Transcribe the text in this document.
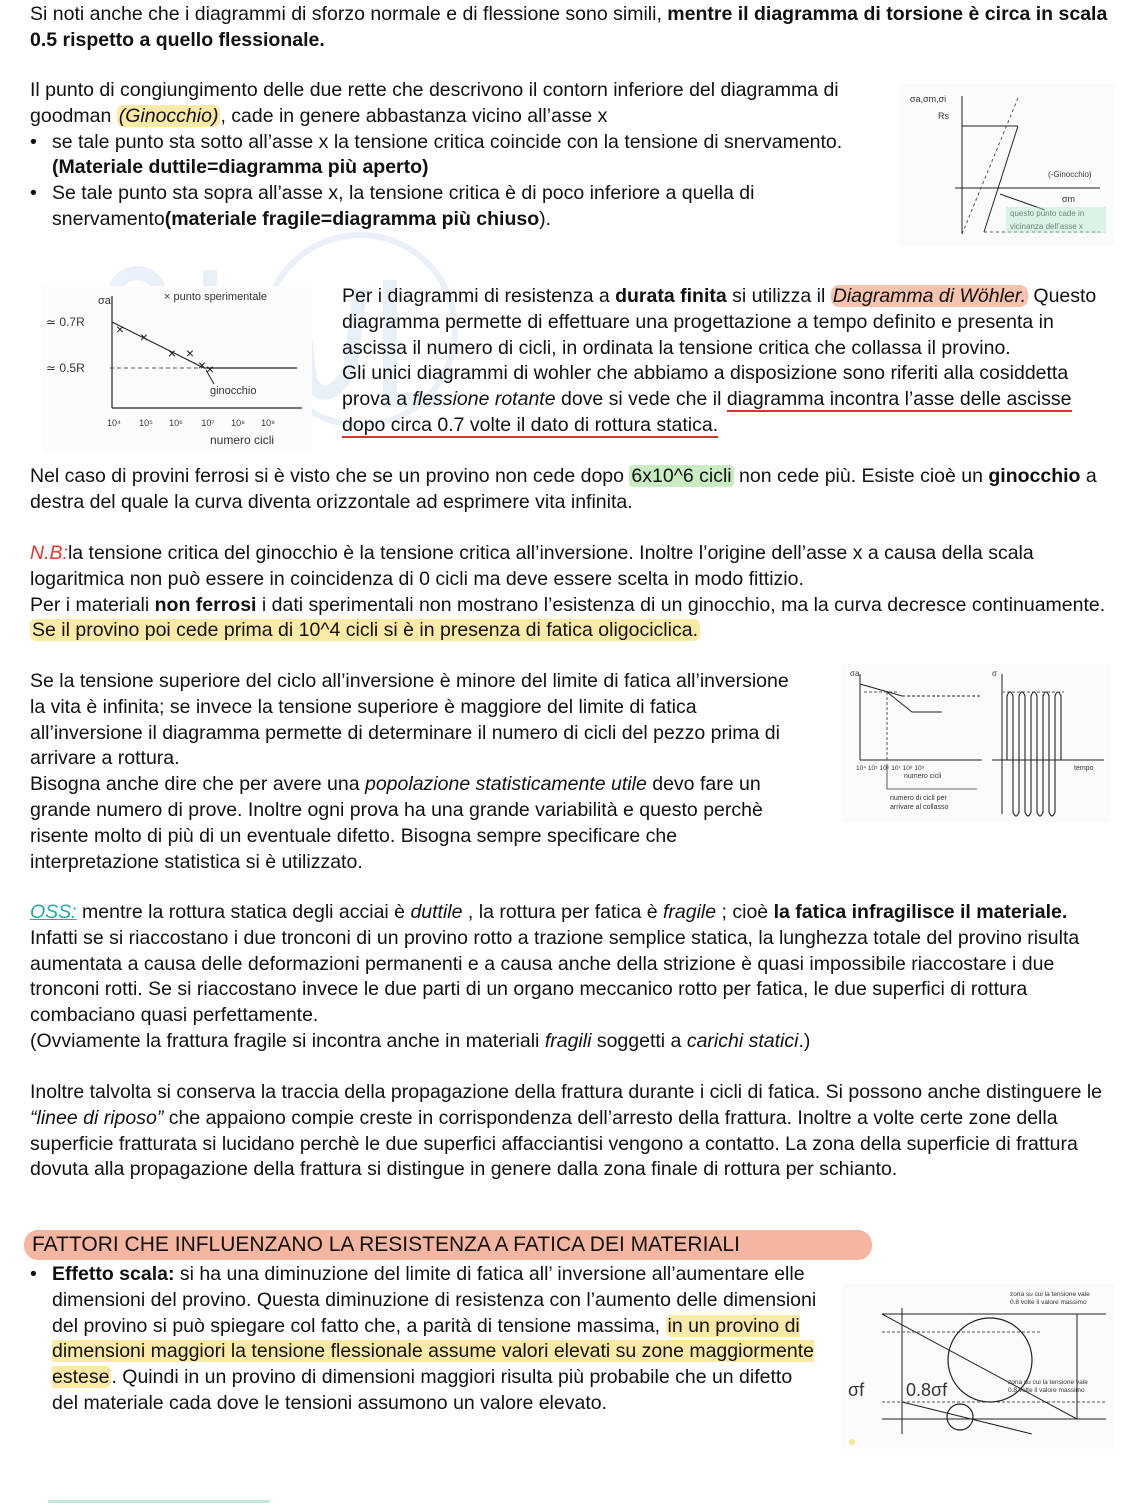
Si noti anche che i diagrammi di sforzo normale e di flessione sono simili, mentre il diagramma di torsione è circa in scala 0.5 rispetto a quello flessionale.

Il punto di congiungimento delle due rette che descrivono il contorn inferiore del diagramma di goodman (Ginocchio) , cade in genere abbastanza vicino all’asse x

• se tale punto sta sotto all’asse x la tensione critica coincide con la tensione di snervamento. (Materiale duttile=diagramma più aperto)
• Se tale punto sta sopra all’asse x, la tensione critica è di poco inferiore a quella di snervamento(materiale fragile=diagramma più chiuso).
σa,σm,σi
Rs
(-Ginocchio)
σm
questo punto cade in
vicinanza dell’asse x
σa	× punto sperimentale
≃ 0.7R
≃ 0.5R
× ×
× ×
× ×
ginocchio
10⁴ 10⁵ 10⁶ 10⁷ 10⁸ 10⁹
numero cicli

Per i diagrammi di resistenza a durata finita si utilizza il Diagramma di Wöhler. Questo diagramma permette di effettuare una progettazione a tempo definito e presenta in ascissa il numero di cicli, in ordinata la tensione critica che collassa il provino.

Gli unici diagrammi di wohler che abbiamo a disposizione sono riferiti alla cosiddetta prova a flessione rotante dove si vede che il diagramma incontra l’asse delle ascisse dopo circa 0.7 volte il dato di rottura statica.

Nel caso di provini ferrosi si è visto che se un provino non cede dopo 6x10^6 cicli non cede più. Esiste cioè un ginocchio a destra del quale la curva diventa orizzontale ad esprimere vita infinita.

N.B:la tensione critica del ginocchio è la tensione critica all’inversione. Inoltre l’origine dell’asse x a causa della scala logaritmica non può essere in coincidenza di 0 cicli ma deve essere scelta in modo fittizio.

Per i materiali non ferrosi i dati sperimentali non mostrano l’esistenza di un ginocchio, ma la curva decresce continuamente. Se il provino poi cede prima di 10^4 cicli si è in presenza di fatica oligociclica.

Se la tensione superiore del ciclo all’inversione è minore del limite di fatica all’inversione la vita è infinita; se invece la tensione superiore è maggiore del limite di fatica all’inversione il diagramma permette di determinare il numero di cicli del pezzo prima di arrivare a rottura.

Bisogna anche dire che per avere una popolazione statisticamente utile devo fare un grande numero di prove. Inoltre ogni prova ha una grande variabilità e questo perchè risente molto di più di un eventuale difetto. Bisogna sempre specificare che interpretazione statistica si è utilizzato.

σa
10⁴ 10⁵ 10⁶ 10⁷ 10⁸ 10⁹
numero cicli
numero di cicli per
arrivare al collasso
σ
tempo

OSS: mentre la rottura statica degli acciai è duttile , la rottura per fatica è fragile ; cioè la fatica infragilisce il materiale. Infatti se si riaccostano i due tronconi di un provino rotto a trazione semplice statica, la lunghezza totale del provino risulta aumentata a causa delle deformazioni permanenti e a causa anche della strizione è quasi impossibile riaccostare i due tronconi rotti. Se si riaccostano invece le due parti di un organo meccanico rotto per fatica, le due superfici di rottura combaciano quasi perfettamente.

(Ovviamente la frattura fragile si incontra anche in materiali fragili soggetti a carichi statici.)

Inoltre talvolta si conserva la traccia della propagazione della frattura durante i cicli di fatica. Si possono anche distinguere le “linee di riposo” che appaiono compie creste in corrispondenza dell’arresto della frattura. Inoltre a volte certe zone della superficie fratturata si lucidano perchè le due superfici affacciantisi vengono a contatto. La zona della superficie di frattura dovuta alla propagazione della frattura si distingue in genere dalla zona finale di rottura per schianto.

FATTORI CHE INFLUENZANO LA RESISTENZA A FATICA DEI MATERIALI
• Effetto scala: si ha una diminuzione del limite di fatica all’ inversione all’aumentare elle dimensioni del provino. Questa diminuzione di resistenza con l’aumento delle dimensioni del provino si può spiegare col fatto che, a parità di tensione massima, in un provino di dimensioni maggiori la tensione flessionale assume valori elevati su zone maggiormente estese . Quindi in un provino di dimensioni maggiori risulta più probabile che un difetto del materiale cada dove le tensioni assumono un valore elevato.
zona su cui la tensione vale
0.8 volte il valore massimo
σf 0.8σf	zona su cui la tensione vale
0.8 volte il valore massimo
